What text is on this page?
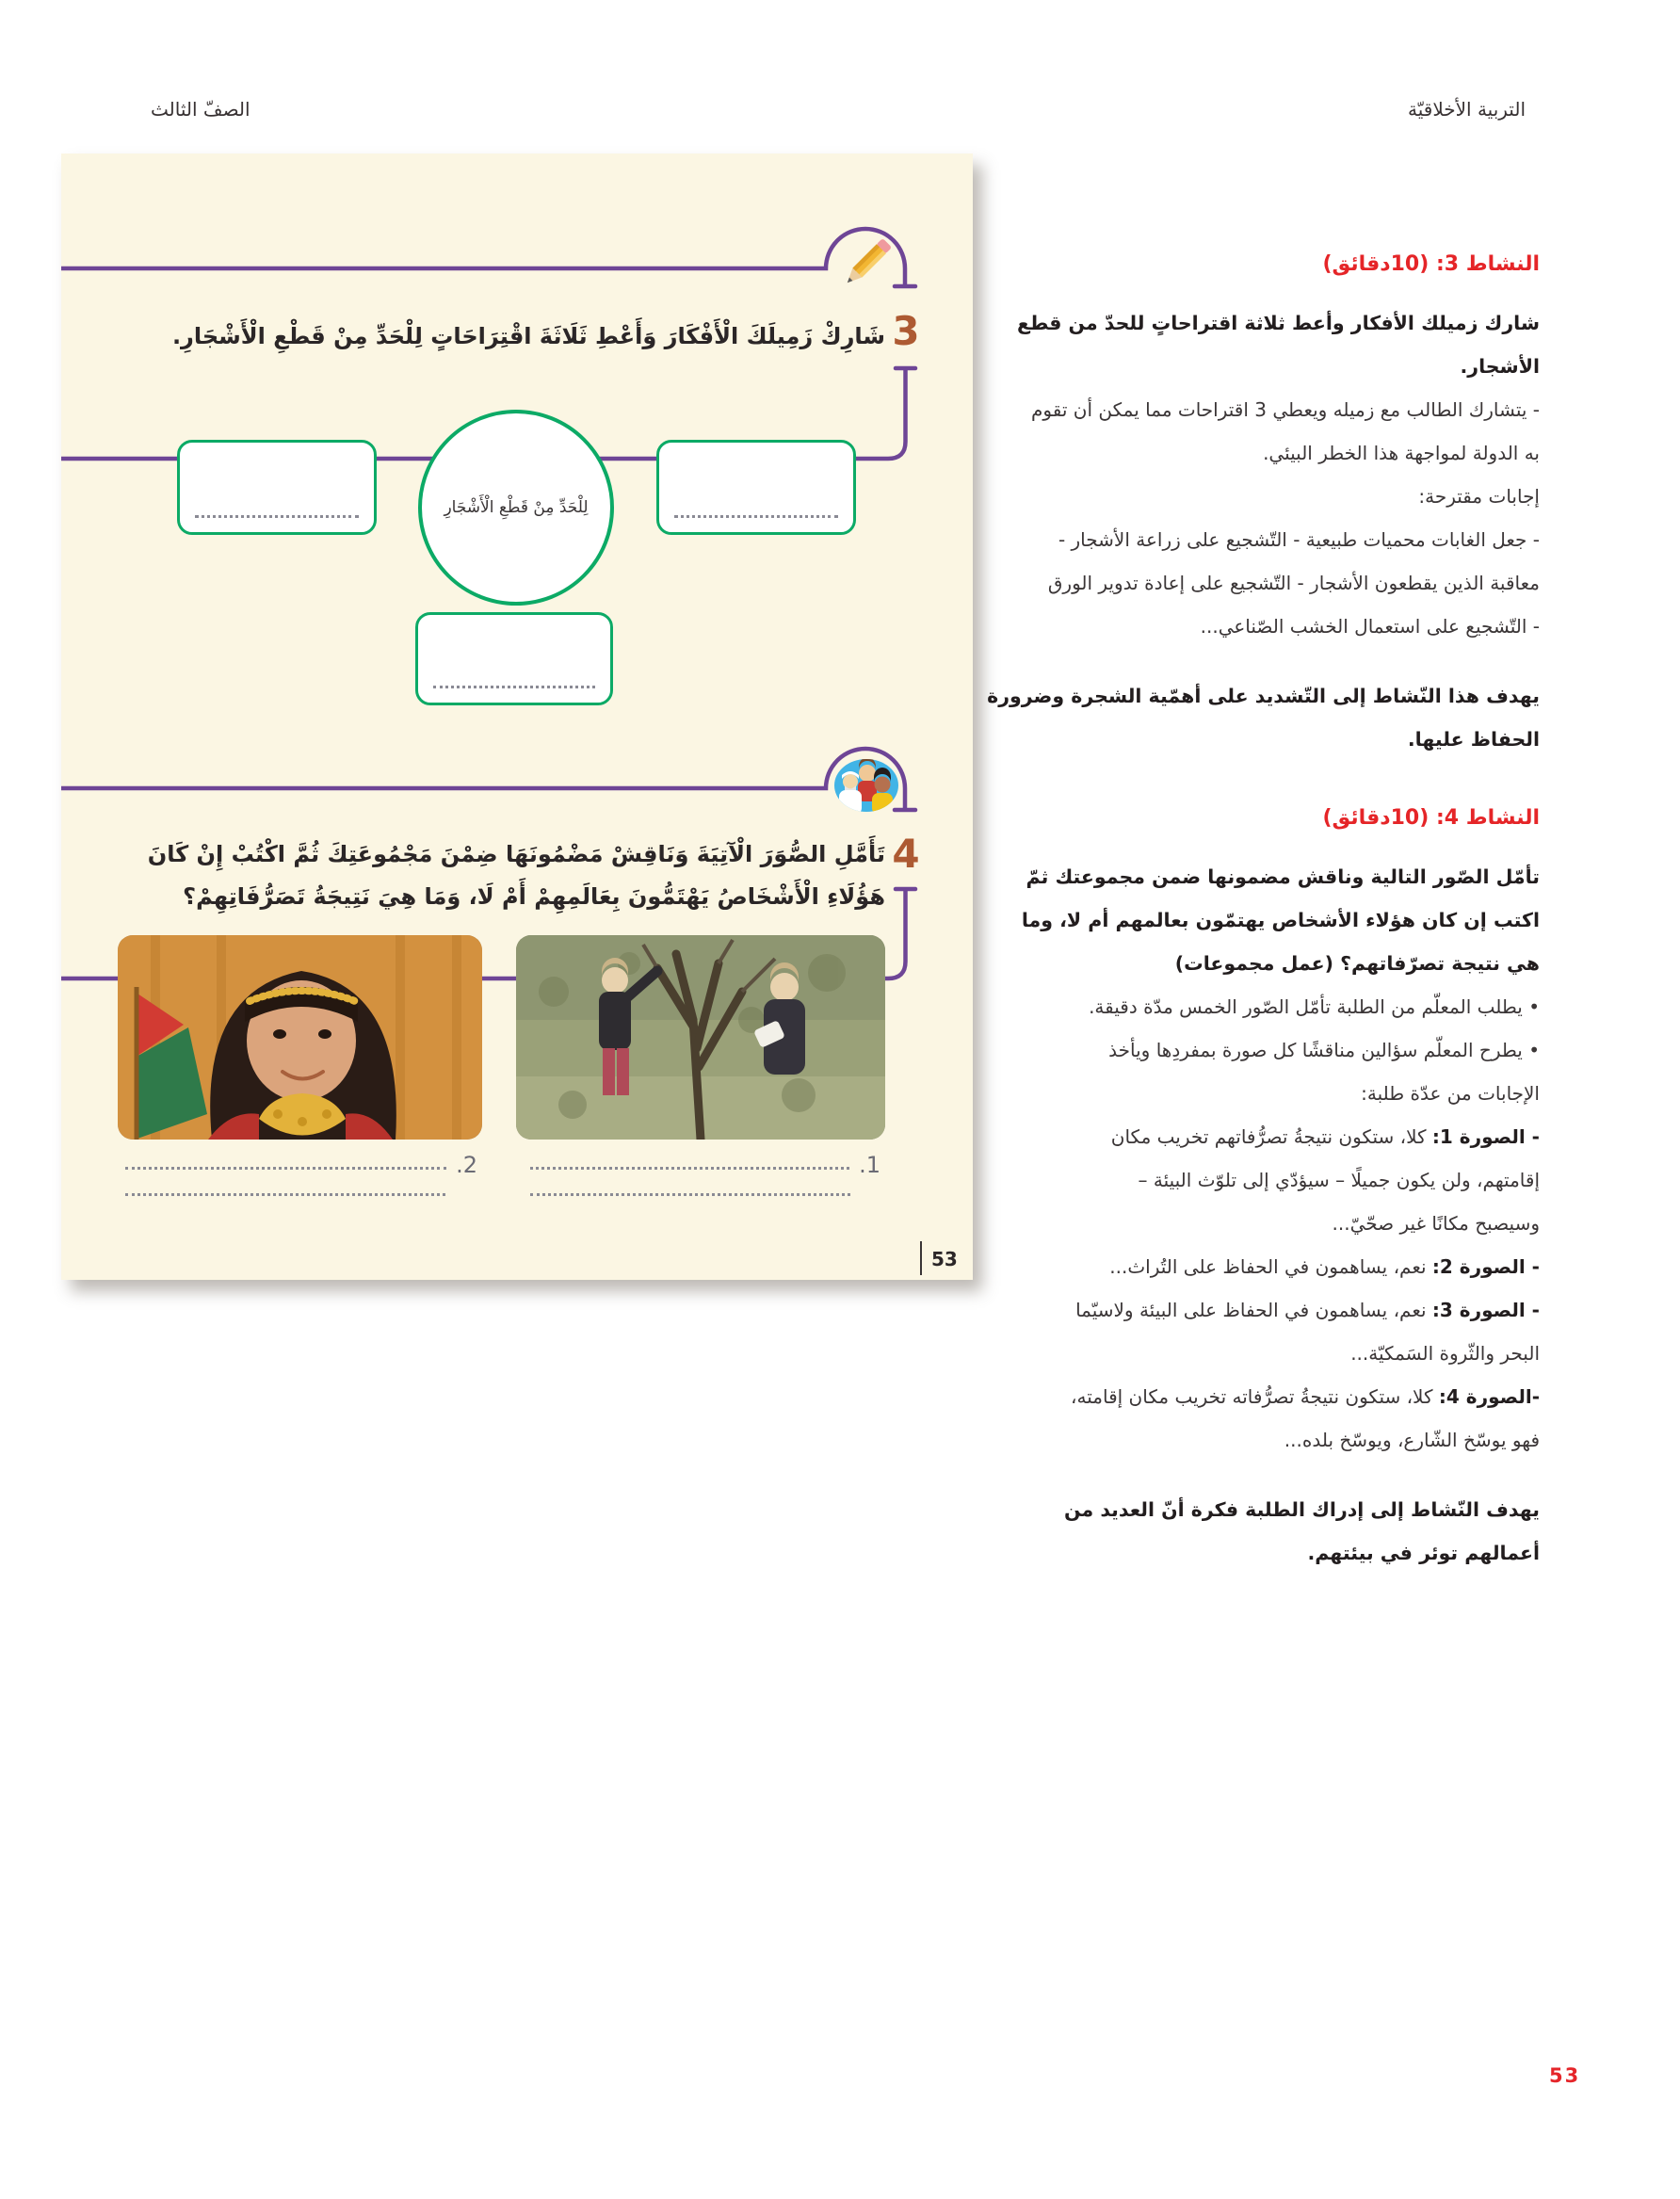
الصفّ الثالث	التربية الأخلاقيّة
3
شَارِكْ زَمِيلَكَ الْأَفْكَارَ وَأَعْطِ ثَلَاثَةَ اقْتِرَاحَاتٍ لِلْحَدِّ مِنْ قَطْعِ الْأَشْجَارِ.
لِلْحَدِّ مِنْ قَطْعِ الْأَشْجَارِ
4
تَأَمَّلِ الصُّوَرَ الْآتِيَةَ وَنَاقِشْ مَضْمُونَهَا ضِمْنَ مَجْمُوعَتِكَ ثُمَّ اكْتُبْ إِنْ كَانَ
هَؤُلَاءِ الْأَشْخَاصُ يَهْتَمُّونَ بِعَالَمِهِمْ أَمْ لَا، وَمَا هِيَ نَتِيجَةُ تَصَرُّفَاتِهِمْ؟
.1
.2
53
النشاط 3: (10دقائق)
شارك زميلك الأفكار وأعط ثلاثة اقتراحاتٍ للحدّ من قطع
الأشجار.
- يتشارك الطالب مع زميله ويعطي 3 اقتراحات مما يمكن أن تقوم
به الدولة لمواجهة هذا الخطر البيئي.
إجابات مقترحة:
- جعل الغابات محميات طبيعية - التّشجيع على زراعة الأشجار -
معاقبة الذين يقطعون الأشجار - التّشجيع على إعادة تدوير الورق
- التّشجيع على استعمال الخشب الصّناعي...
يهدف هذا النّشاط إلى التّشديد على أهمّية الشجرة وضرورة
الحفاظ عليها.
النشاط 4: (10دقائق)
تأمّل الصّور التالية وناقش مضمونها ضمن مجموعتك ثمّ
اكتب إن كان هؤلاء الأشخاص يهتمّون بعالمهم أم لا، وما
هي نتيجة تصرّفاتهم؟ (عمل مجموعات)
• يطلب المعلّم من الطلبة تأمّل الصّور الخمس مدّة دقيقة.
• يطرح المعلّم سؤالين مناقشًا كل صورة بمفردِها ويأخذ
الإجابات من عدّة طلبة:
- الصورة 1: كلا، ستكون نتيجةُ تصرُّفاتهم تخريب مكان
إقامتهم، ولن يكون جميلًا – سيؤدّي إلى تلوّث البيئة –
وسيصبح مكانًا غير صحّيّ...
- الصورة 2: نعم، يساهمون في الحفاظ على التُراث...
- الصورة 3: نعم، يساهمون في الحفاظ على البيئة ولاسيّما
البحر والثّروة السَمكيّة...
-الصورة 4: كلا، ستكون نتيجةُ تصرُّفاته تخريب مكان إقامته،
فهو يوسّخ الشّارع، ويوسّخ بلده...
يهدف النّشاط إلى إدراك الطلبة فكرة أنّ العديد من
أعمالهم توئر في بيئتهم.
53
